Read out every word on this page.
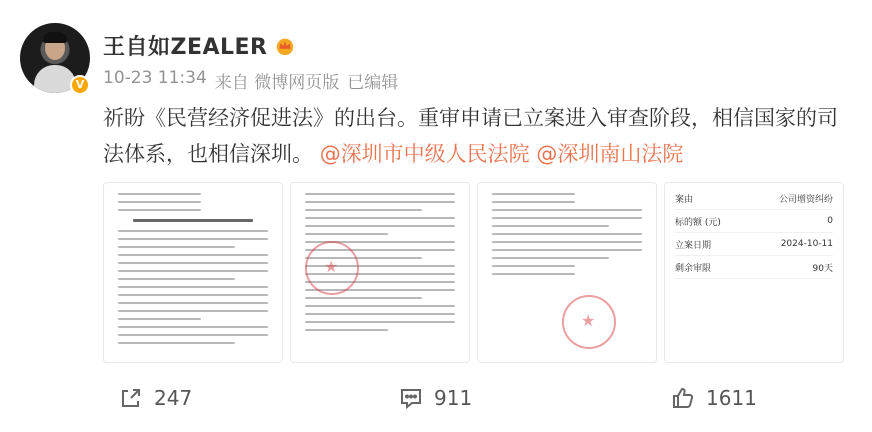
V
王自如ZEALER
10-23 11:34 来自 微博网页版 已编辑
祈盼《民营经济促进法》的出台。重审申请已立案进入审查阶段，相信国家的司法体系，也相信深圳。 @深圳市中级人民法院 @深圳南山法院
★
★
案由	公司增资纠纷
标的额 (元)	0
立案日期	2024-10-11
剩余审限	90天
247	911	1611
